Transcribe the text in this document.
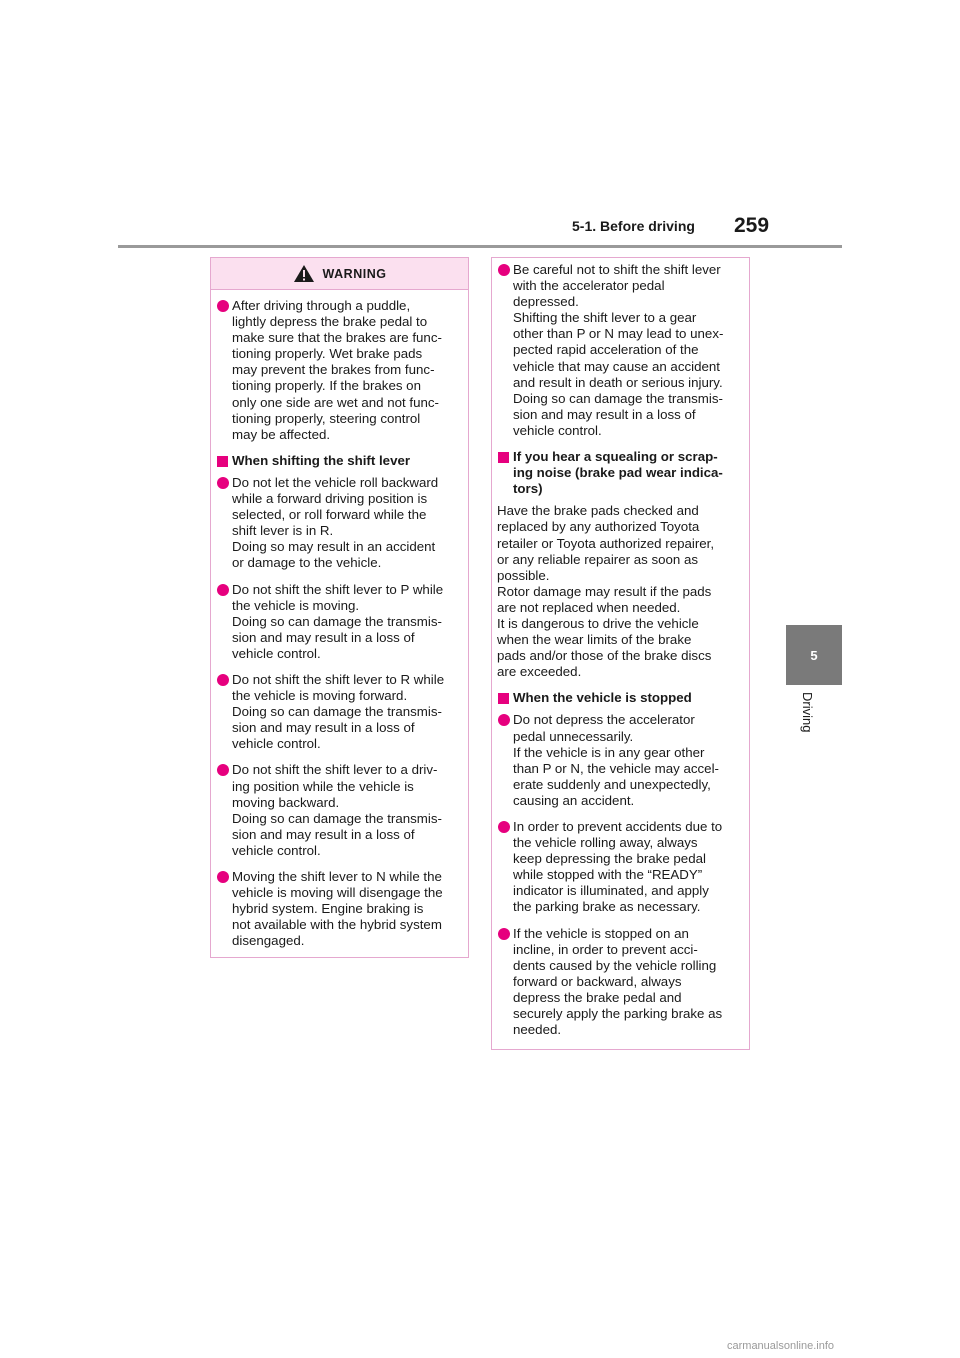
5-1. Before driving 259
5
Driving
WARNING
After driving through a puddle,
lightly depress the brake pedal to
make sure that the brakes are func-
tioning properly. Wet brake pads
may prevent the brakes from func-
tioning properly. If the brakes on
only one side are wet and not func-
tioning properly, steering control
may be affected.
When shifting the shift lever
Do not let the vehicle roll backward
while a forward driving position is
selected, or roll forward while the
shift lever is in R.
Doing so may result in an accident
or damage to the vehicle.
Do not shift the shift lever to P while
the vehicle is moving.
Doing so can damage the transmis-
sion and may result in a loss of
vehicle control.
Do not shift the shift lever to R while
the vehicle is moving forward.
Doing so can damage the transmis-
sion and may result in a loss of
vehicle control.
Do not shift the shift lever to a driv-
ing position while the vehicle is
moving backward.
Doing so can damage the transmis-
sion and may result in a loss of
vehicle control.
Moving the shift lever to N while the
vehicle is moving will disengage the
hybrid system. Engine braking is
not available with the hybrid system
disengaged.
Be careful not to shift the shift lever
with the accelerator pedal
depressed.
Shifting the shift lever to a gear
other than P or N may lead to unex-
pected rapid acceleration of the
vehicle that may cause an accident
and result in death or serious injury.
Doing so can damage the transmis-
sion and may result in a loss of
vehicle control.
If you hear a squealing or scrap-
ing noise (brake pad wear indica-
tors)
Have the brake pads checked and
replaced by any authorized Toyota
retailer or Toyota authorized repairer,
or any reliable repairer as soon as
possible.
Rotor damage may result if the pads
are not replaced when needed.
It is dangerous to drive the vehicle
when the wear limits of the brake
pads and/or those of the brake discs
are exceeded.
When the vehicle is stopped
Do not depress the accelerator
pedal unnecessarily.
If the vehicle is in any gear other
than P or N, the vehicle may accel-
erate suddenly and unexpectedly,
causing an accident.
In order to prevent accidents due to
the vehicle rolling away, always
keep depressing the brake pedal
while stopped with the “READY”
indicator is illuminated, and apply
the parking brake as necessary.
If the vehicle is stopped on an
incline, in order to prevent acci-
dents caused by the vehicle rolling
forward or backward, always
depress the brake pedal and
securely apply the parking brake as
needed.
carmanualsonline.info
